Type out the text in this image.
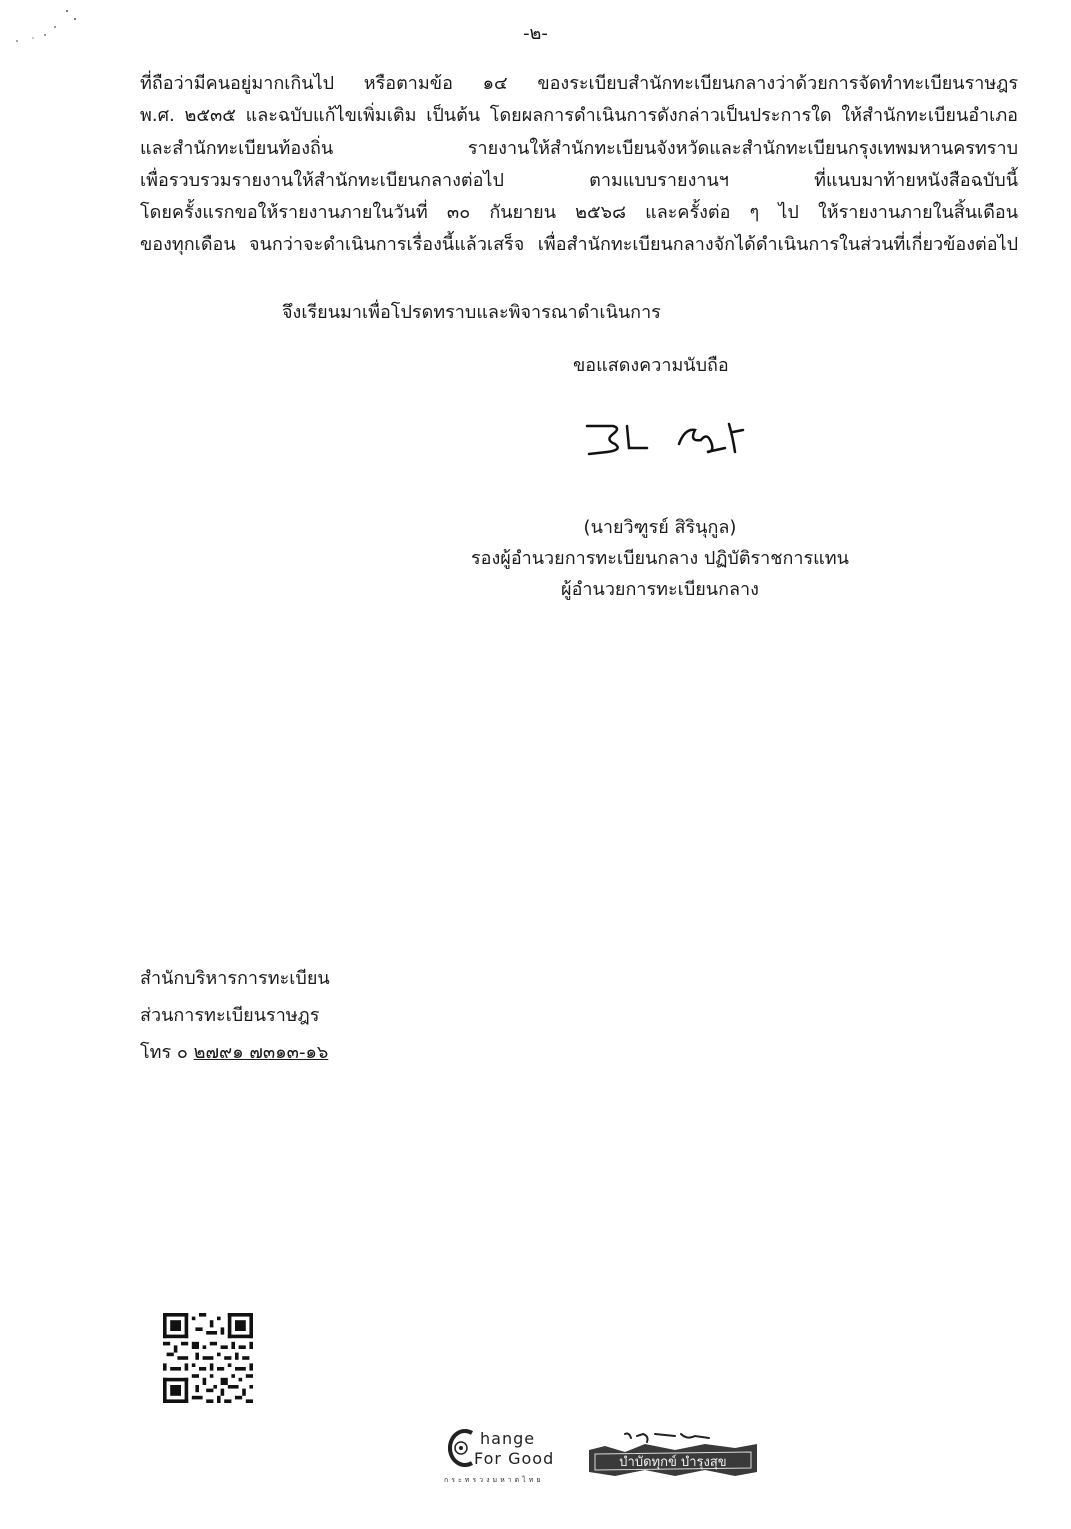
-๒-
ที่ถือว่ามีคนอยู่มากเกินไป หรือตามข้อ ๑๔ ของระเบียบสำนักทะเบียนกลางว่าด้วยการจัดทำทะเบียนราษฎร
พ.ศ. ๒๕๓๕ และฉบับแก้ไขเพิ่มเติม เป็นต้น โดยผลการดำเนินการดังกล่าวเป็นประการใด ให้สำนักทะเบียนอำเภอ
และสำนักทะเบียนท้องถิ่น รายงานให้สำนักทะเบียนจังหวัดและสำนักทะเบียนกรุงเทพมหานครทราบ
เพื่อรวบรวมรายงานให้สำนักทะเบียนกลางต่อไป ตามแบบรายงานฯ ที่แนบมาท้ายหนังสือฉบับนี้
โดยครั้งแรกขอให้รายงานภายในวันที่ ๓๐ กันยายน ๒๕๖๘ และครั้งต่อ ๆ ไป ให้รายงานภายในสิ้นเดือน
ของทุกเดือน จนกว่าจะดำเนินการเรื่องนี้แล้วเสร็จ เพื่อสำนักทะเบียนกลางจักได้ดำเนินการในส่วนที่เกี่ยวข้องต่อไป
จึงเรียนมาเพื่อโปรดทราบและพิจารณาดำเนินการ
ขอแสดงความนับถือ
(นายวิฑูรย์ สิรินุกูล)
รองผู้อำนวยการทะเบียนกลาง ปฏิบัติราชการแทน
ผู้อำนวยการทะเบียนกลาง
สำนักบริหารการทะเบียน
ส่วนการทะเบียนราษฎร
โทร ๐ ๒๗๙๑ ๗๓๑๓-๑๖
hange
For Good
กระทรวงมหาดไทย
บำบัดทุกข์ บำรุงสุข
